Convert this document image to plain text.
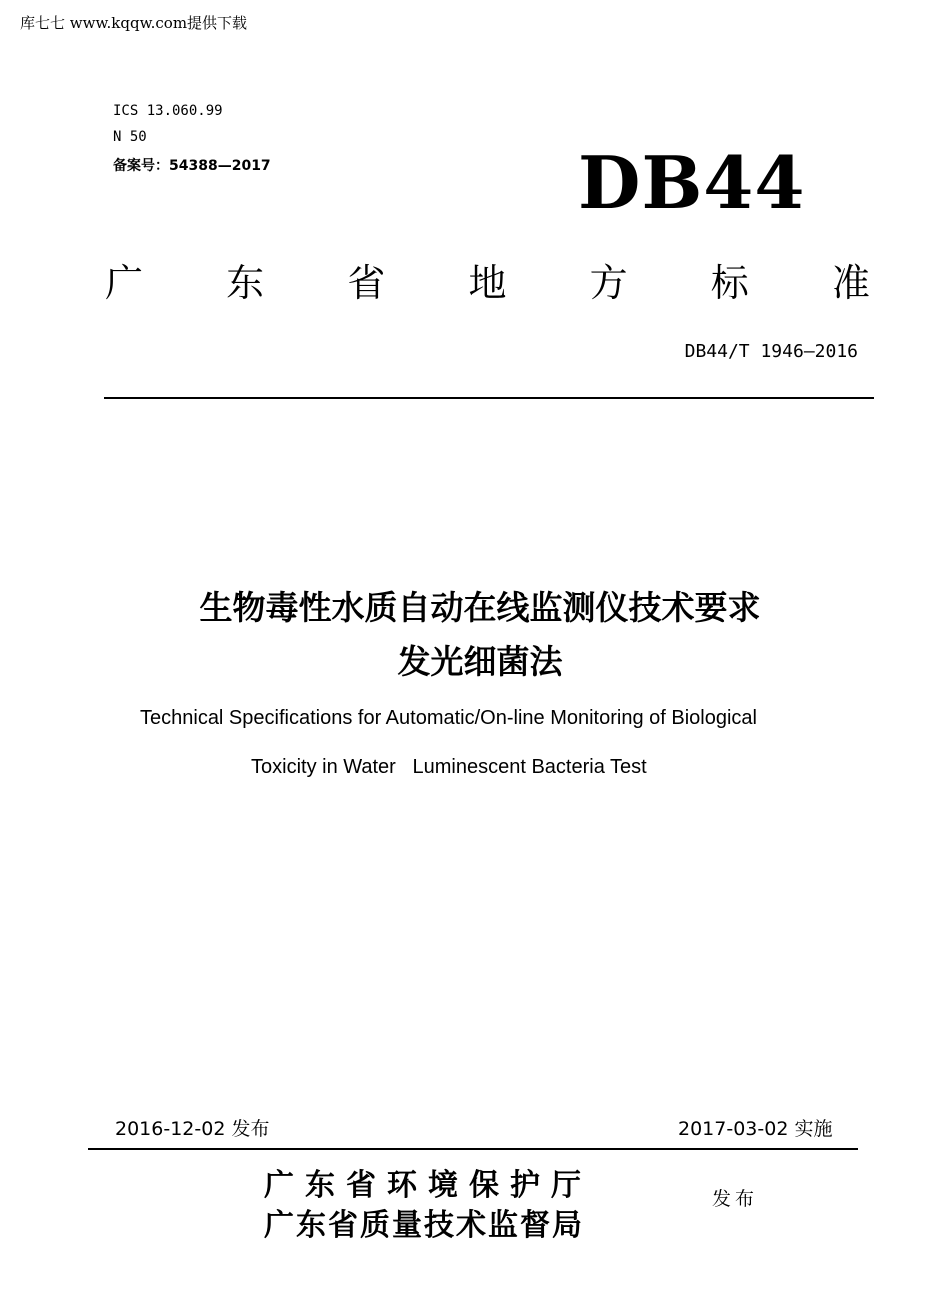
库七七 www.kqqw.com提供下载
ICS 13.060.99
N 50
备案号：54388—2017	DB44
广 东 省 地 方 标 准
DB44/T 1946—2016
生物毒性水质自动在线监测仪技术要求
发光细菌法
Technical Specifications for Automatic/On-line Monitoring of Biological
Toxicity in Water   Luminescent Bacteria Test
2016-12-02 发布	2017-03-02 实施
广东省环境保护厅
广东省质量技术监督局
发布
